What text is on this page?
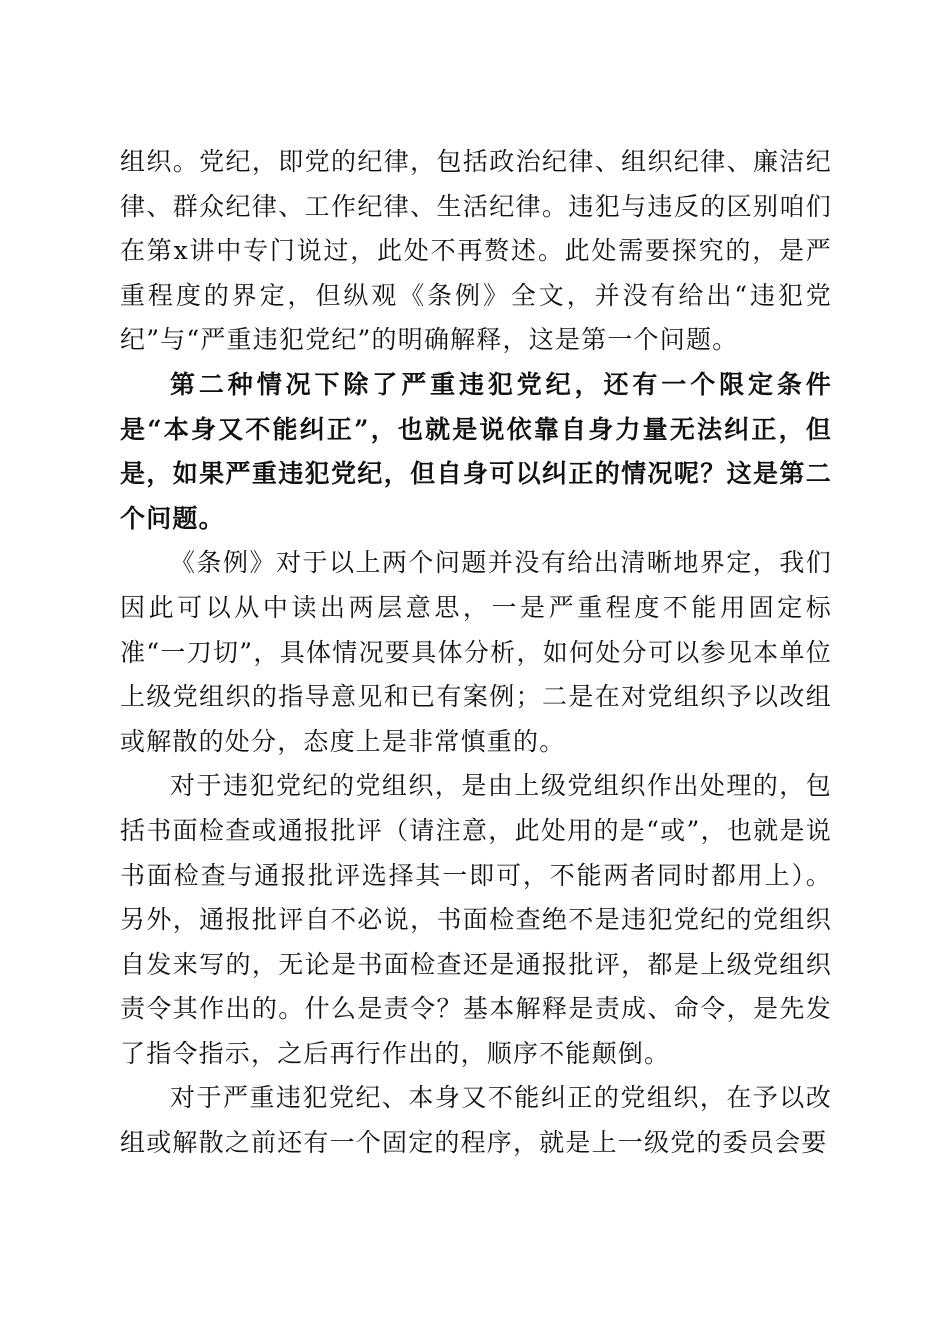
组织。党纪，即党的纪律，包括政治纪律、组织纪律、廉洁纪律、群众纪律、工作纪律、生活纪律。违犯与违反的区别咱们在第x讲中专门说过，此处不再赘述。此处需要探究的，是严重程度的界定，但纵观《条例》全文，并没有给出“违犯党纪”与“严重违犯党纪”的明确解释，这是第一个问题。

第二种情况下除了严重违犯党纪，还有一个限定条件是“本身又不能纠正”，也就是说依靠自身力量无法纠正，但是，如果严重违犯党纪，但自身可以纠正的情况呢？这是第二个问题。

《条例》对于以上两个问题并没有给出清晰地界定，我们因此可以从中读出两层意思，一是严重程度不能用固定标准“一刀切”，具体情况要具体分析，如何处分可以参见本单位上级党组织的指导意见和已有案例；二是在对党组织予以改组或解散的处分，态度上是非常慎重的。

对于违犯党纪的党组织，是由上级党组织作出处理的，包括书面检查或通报批评（请注意，此处用的是“或”，也就是说书面检查与通报批评选择其一即可，不能两者同时都用上）。另外，通报批评自不必说，书面检查绝不是违犯党纪的党组织自发来写的，无论是书面检查还是通报批评，都是上级党组织责令其作出的。什么是责令？基本解释是责成、命令，是先发了指令指示，之后再行作出的，顺序不能颠倒。

对于严重违犯党纪、本身又不能纠正的党组织，在予以改组或解散之前还有一个固定的程序，就是上一级党的委员会要
